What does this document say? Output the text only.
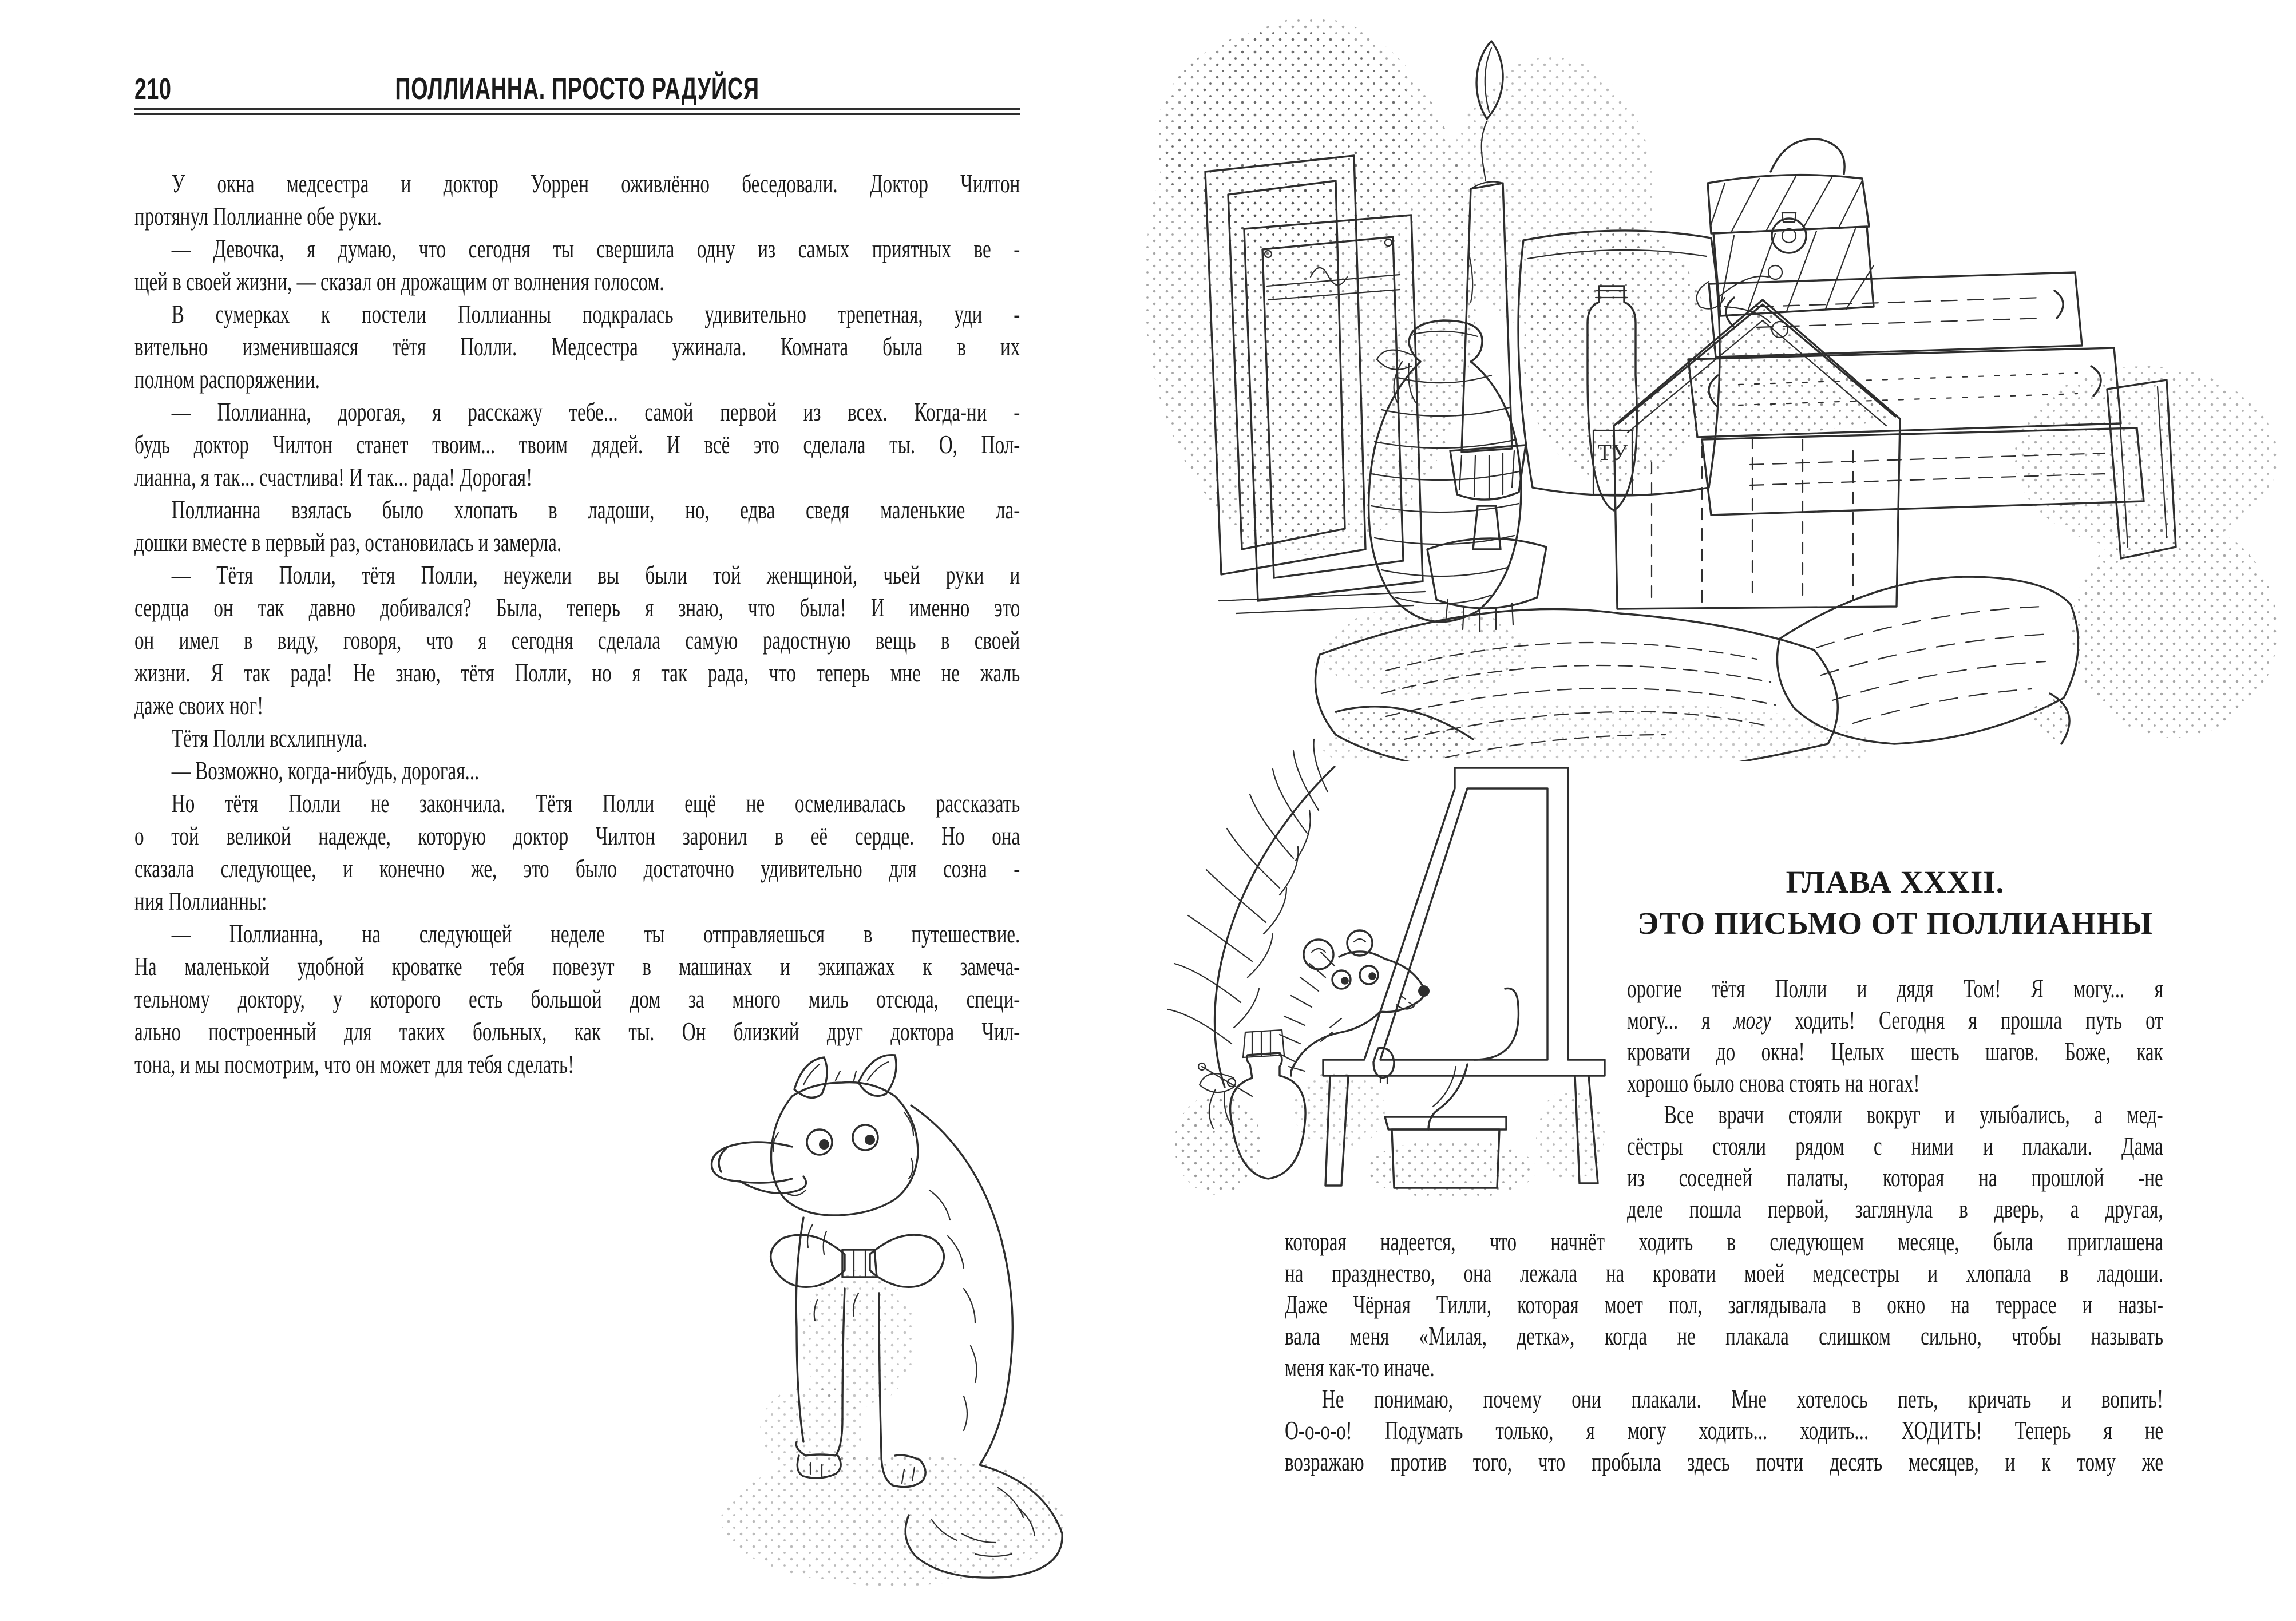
210	ПОЛЛИАННА. ПРОСТО РАДУЙСЯ
У окна медсестра и доктор Уоррен оживлённо беседовали. Доктор Чилтон
протянул Поллианне обе руки.
— Девочка, я думаю, что сегодня ты свершила одну из самых приятных ве -
щей в своей жизни, — сказал он дрожащим от волнения голосом.
В сумерках к постели Поллианны подкралась удивительно трепетная, уди -
вительно изменившаяся тётя Полли. Медсестра ужинала. Комната была в их
полном распоряжении.
— Поллианна, дорогая, я расскажу тебе... самой первой из всех. Когда-ни -
будь доктор Чилтон станет твоим... твоим дядей. И всё это сделала ты. О, Пол-
лианна, я так... счастлива! И так... рада! Дорогая!
Поллианна взялась было хлопать в ладоши, но, едва сведя маленькие ла-
дошки вместе в первый раз, остановилась и замерла.
— Тётя Полли, тётя Полли, неужели вы были той женщиной, чьей руки и
сердца он так давно добивался? Была, теперь я знаю, что была! И именно это
он имел в виду, говоря, что я сегодня сделала самую радостную вещь в своей
жизни. Я так рада! Не знаю, тётя Полли, но я так рада, что теперь мне не жаль
даже своих ног!
Тётя Полли всхлипнула.
— Возможно, когда-нибудь, дорогая...
Но тётя Полли не закончила. Тётя Полли ещё не осмеливалась рассказать
о той великой надежде, которую доктор Чилтон заронил в её сердце. Но она
сказала следующее, и конечно же, это было достаточно удивительно для созна -
ния Поллианны:
— Поллианна, на следующей неделе ты отправляешься в путешествие.
На маленькой удобной кроватке тебя повезут в машинах и экипажах к замеча-
тельному доктору, у которого есть большой дом за много миль отсюда, специ-
ально построенный для таких больных, как ты. Он близкий друг доктора Чил-
тона, и мы посмотрим, что он может для тебя сделать!
ГЛАВА XXXII.
ЭТО ПИСЬМО ОТ ПОЛЛИАННЫ
орогие тётя Полли и дядя Том! Я могу... я
могу... я могу ходить! Сегодня я прошла путь от
кровати до окна! Целых шесть шагов. Боже, как
хорошо было снова стоять на ногах!
Все врачи стояли вокруг и улыбались, а мед-
сёстры стояли рядом с ними и плакали. Дама
из соседней палаты, которая на прошлой -не
деле пошла первой, заглянула в дверь, а другая,
которая надеется, что начнёт ходить в следующем месяце, была приглашена
на празднество, она лежала на кровати моей медсестры и хлопала в ладоши.
Даже Чёрная Тилли, которая моет пол, заглядывала в окно на террасе и назы-
вала меня «Милая, детка», когда не плакала слишком сильно, чтобы называть
меня как-то иначе.
Не понимаю, почему они плакали. Мне хотелось петь, кричать и вопить!
О-о-о-о! Подумать только, я могу ходить... ходить... ХОДИТЬ! Теперь я не
возражаю против того, что пробыла здесь почти десять месяцев, и к тому же
ТУ
